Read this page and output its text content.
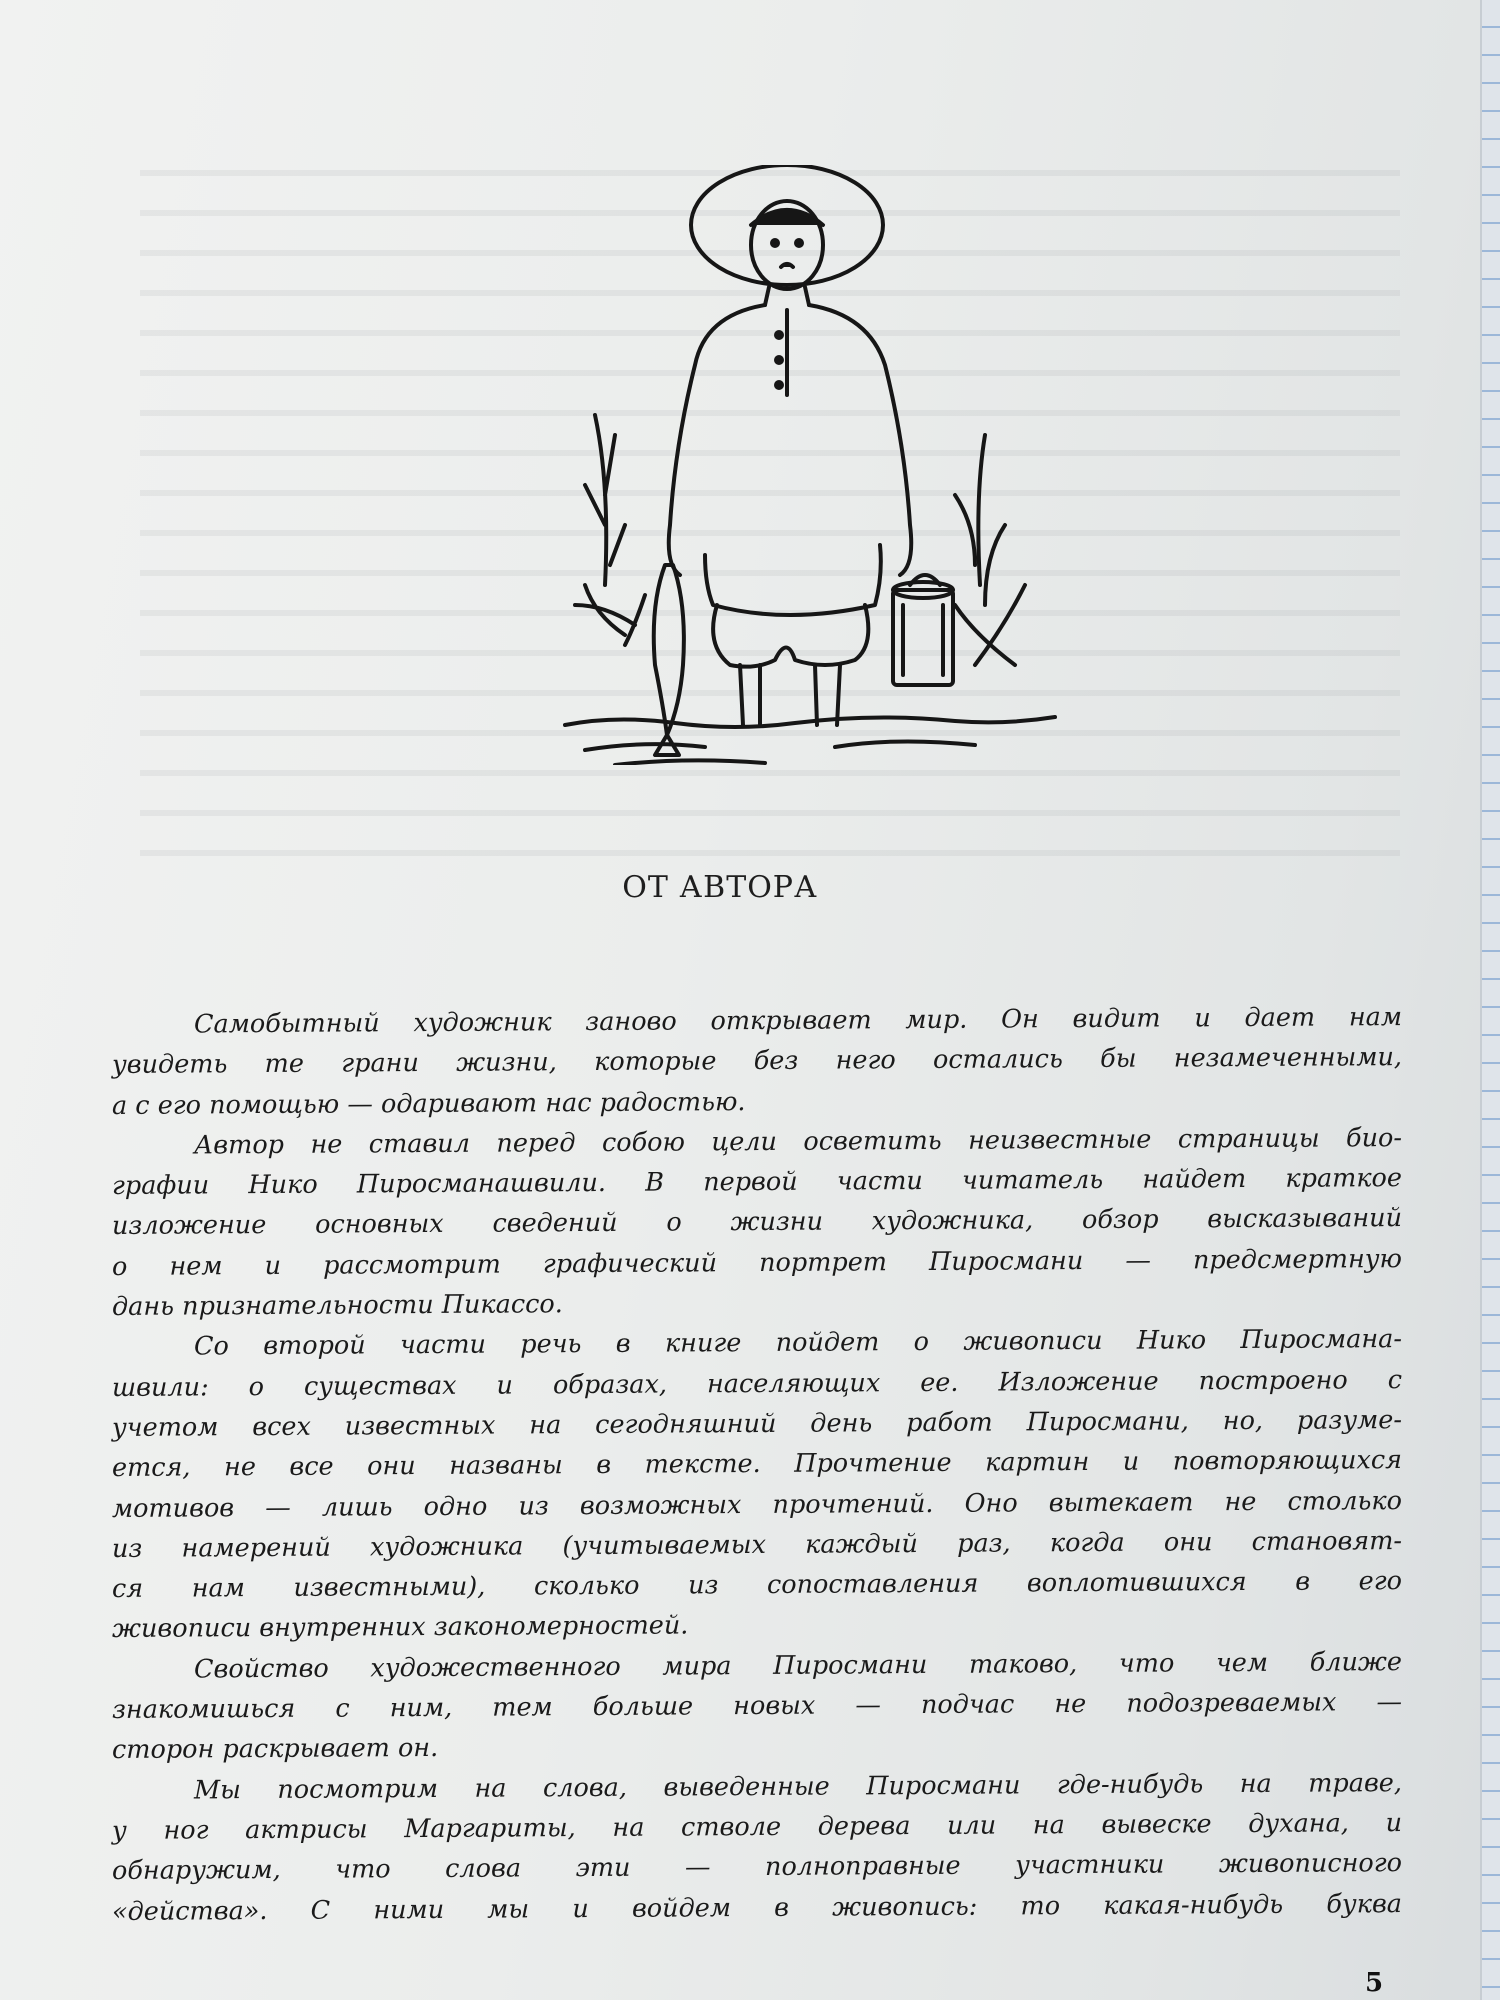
ОТ АВТОРА
Самобытный художник заново открывает мир. Он видит и дает нам
увидеть те грани жизни, которые без него остались бы незамеченными,
а с его помощью — одаривают нас радостью.
Автор не ставил перед собою цели осветить неизвестные страницы био-
графии Нико Пиросманашвили. В первой части читатель найдет краткое
изложение основных сведений о жизни художника, обзор высказываний
о нем и рассмотрит графический портрет Пиросмани — предсмертную
дань признательности Пикассо.
Со второй части речь в книге пойдет о живописи Нико Пиросмана-
швили: о существах и образах, населяющих ее. Изложение построено с
учетом всех известных на сегодняшний день работ Пиросмани, но, разуме-
ется, не все они названы в тексте. Прочтение картин и повторяющихся
мотивов — лишь одно из возможных прочтений. Оно вытекает не столько
из намерений художника (учитываемых каждый раз, когда они становят-
ся нам известными), сколько из сопоставления воплотившихся в его
живописи внутренних закономерностей.
Свойство художественного мира Пиросмани таково, что чем ближе
знакомишься с ним, тем больше новых — подчас не подозреваемых —
сторон раскрывает он.
Мы посмотрим на слова, выведенные Пиросмани где-нибудь на траве,
у ног актрисы Маргариты, на стволе дерева или на вывеске духана, и
обнаружим, что слова эти — полноправные участники живописного
«действа». С ними мы и войдем в живопись: то какая-нибудь буква
5
